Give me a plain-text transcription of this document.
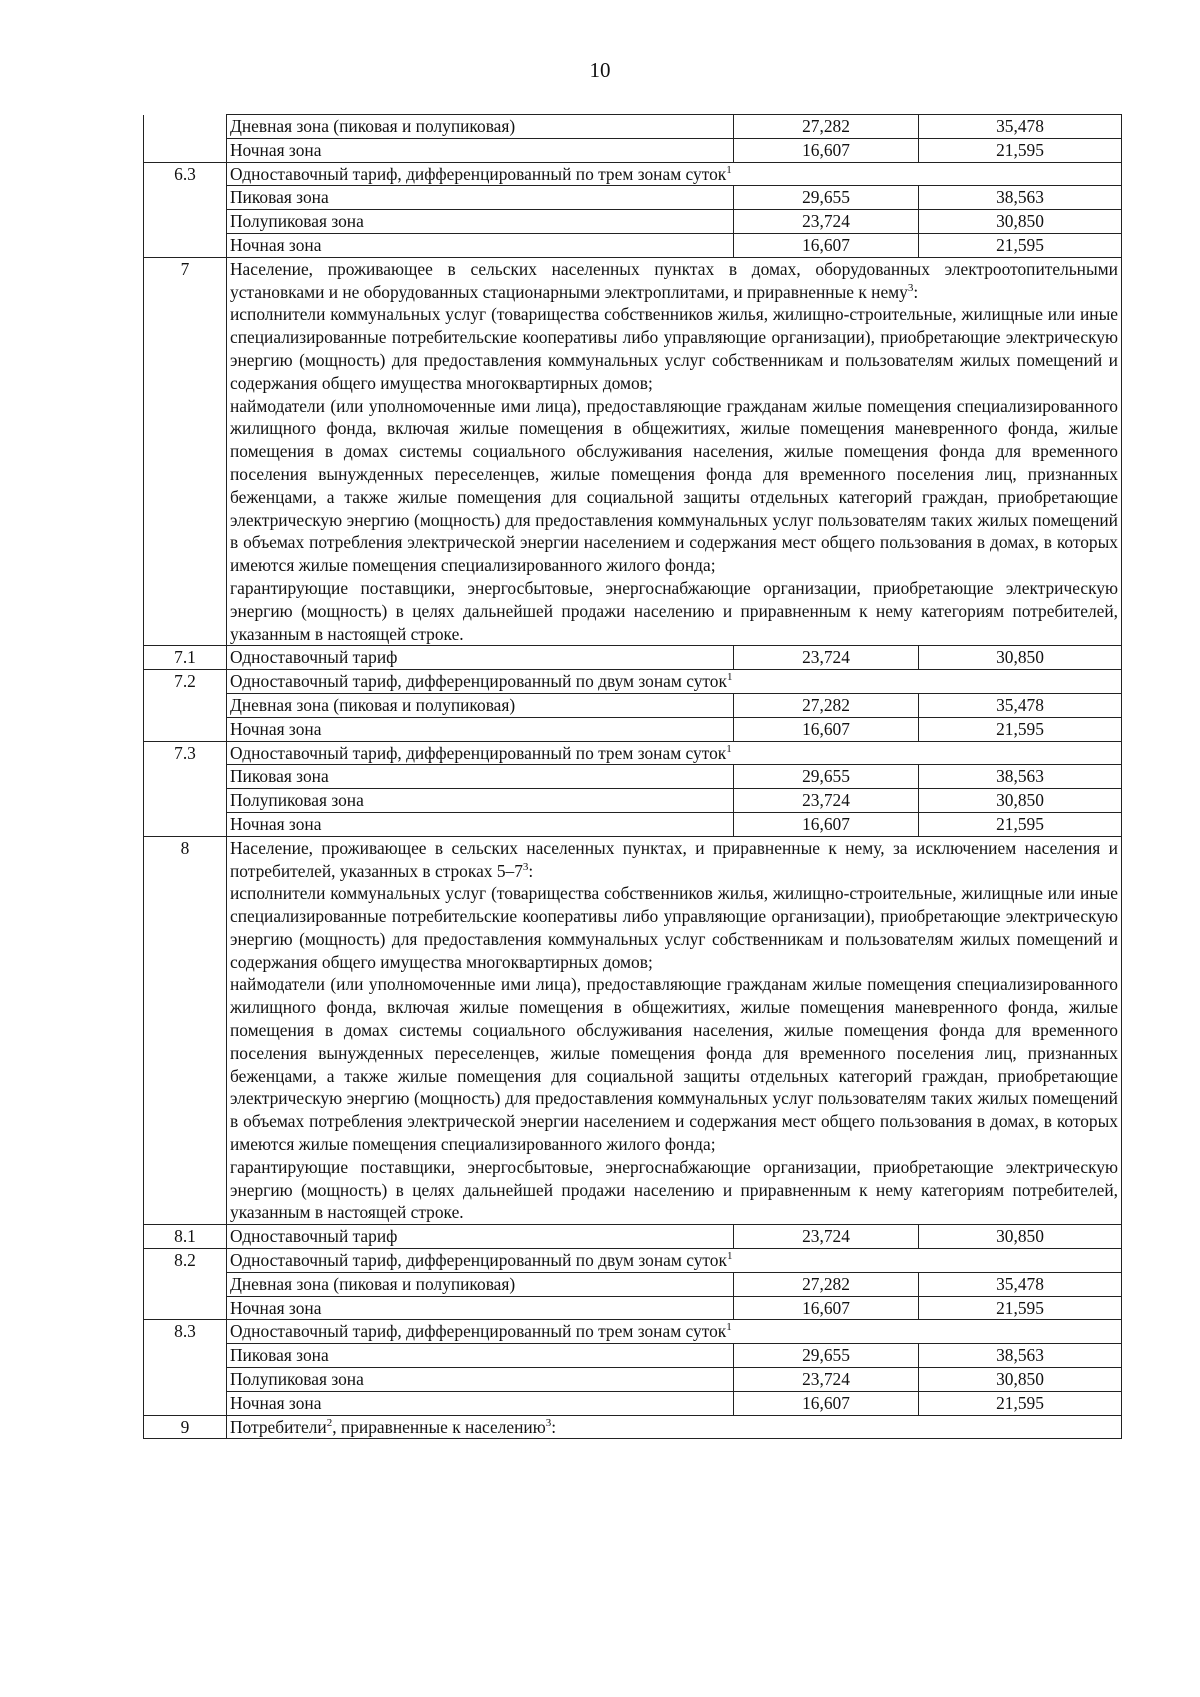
10
	Дневная зона (пиковая и полупиковая)	27,282	35,478
	Ночная зона	16,607	21,595
6.3	Одноставочный тариф, дифференцированный по трем зонам суток$^1$
	Пиковая зона	29,655	38,563
	Полупиковая зона	23,724	30,850
	Ночная зона	16,607	21,595
7	Население, проживающее в сельских населенных пунктах в домах, оборудованных электроотопительными установками и не оборудованных стационарными электроплитами, и приравненные к нему$^3$:
исполнители коммунальных услуг (товарищества собственников жилья, жилищно-строительные, жилищные или иные специализированные потребительские кооперативы либо управляющие организации), приобретающие электрическую энергию (мощность) для предоставления коммунальных услуг собственникам и пользователям жилых помещений и содержания общего имущества многоквартирных домов;
наймодатели (или уполномоченные ими лица), предоставляющие гражданам жилые помещения специализированного жилищного фонда, включая жилые помещения в общежитиях, жилые помещения маневренного фонда, жилые помещения в домах системы социального обслуживания населения, жилые помещения фонда для временного поселения вынужденных переселенцев, жилые помещения фонда для временного поселения лиц, признанных беженцами, а также жилые помещения для социальной защиты отдельных категорий граждан, приобретающие электрическую энергию (мощность) для предоставления коммунальных услуг пользователям таких жилых помещений в объемах потребления электрической энергии населением и содержания мест общего пользования в домах, в которых имеются жилые помещения специализированного жилого фонда;
гарантирующие поставщики, энергосбытовые, энергоснабжающие организации, приобретающие электрическую энергию (мощность) в целях дальнейшей продажи населению и приравненным к нему категориям потребителей, указанным в настоящей строке.		

7.1	Одноставочный тариф	23,724	30,850
7.2	Одноставочный тариф, дифференцированный по двум зонам суток$^1$
	Дневная зона (пиковая и полупиковая)	27,282	35,478
	Ночная зона	16,607	21,595
7.3	Одноставочный тариф, дифференцированный по трем зонам суток$^1$
	Пиковая зона	29,655	38,563
	Полупиковая зона	23,724	30,850
	Ночная зона	16,607	21,595
8	Население, проживающее в сельских населенных пунктах, и приравненные к нему, за исключением населения и потребителей, указанных в строках $5-7^3$:
исполнители коммунальных услуг (товарищества собственников жилья, жилищно-строительные, жилищные или иные специализированные потребительские кооперативы либо управляющие организации), приобретающие электрическую энергию (мощность) для предоставления коммунальных услуг собственникам и пользователям жилых помещений и содержания общего имущества многоквартирных домов;
наймодатели (или уполномоченные ими лица), предоставляющие гражданам жилые помещения специализированного жилищного фонда, включая жилые помещения в общежитиях, жилые помещения маневренного фонда, жилые помещения в домах системы социального обслуживания населения, жилые помещения фонда для временного поселения вынужденных переселенцев, жилые помещения фонда для временного поселения лиц, признанных беженцами, а также жилые помещения для социальной защиты отдельных категорий граждан, приобретающие электрическую энергию (мощность) для предоставления коммунальных услуг пользователям таких жилых помещений в объемах потребления электрической энергии населением и содержания мест общего пользования в домах, в которых имеются жилые помещения специализированного жилого фонда;
гарантирующие поставщики, энергосбытовые, энергоснабжающие организации, приобретающие электрическую энергию (мощность) в целях дальнейшей продажи населению и приравненным к нему категориям потребителей, указанным в настоящей строке.		

8.1	Одноставочный тариф	23,724	30,850
8.2	Одноставочный тариф, дифференцированный по двум зонам суток$^1$
	Дневная зона (пиковая и полупиковая)	27,282	35,478
	Ночная зона	16,607	21,595
8.3	Одноставочный тариф, дифференцированный по трем зонам суток$^1$
	Пиковая зона	29,655	38,563
	Полупиковая зона	23,724	30,850
	Ночная зона	16,607	21,595
9	Потребители$^2$, приравненные к населению$^3$:		
